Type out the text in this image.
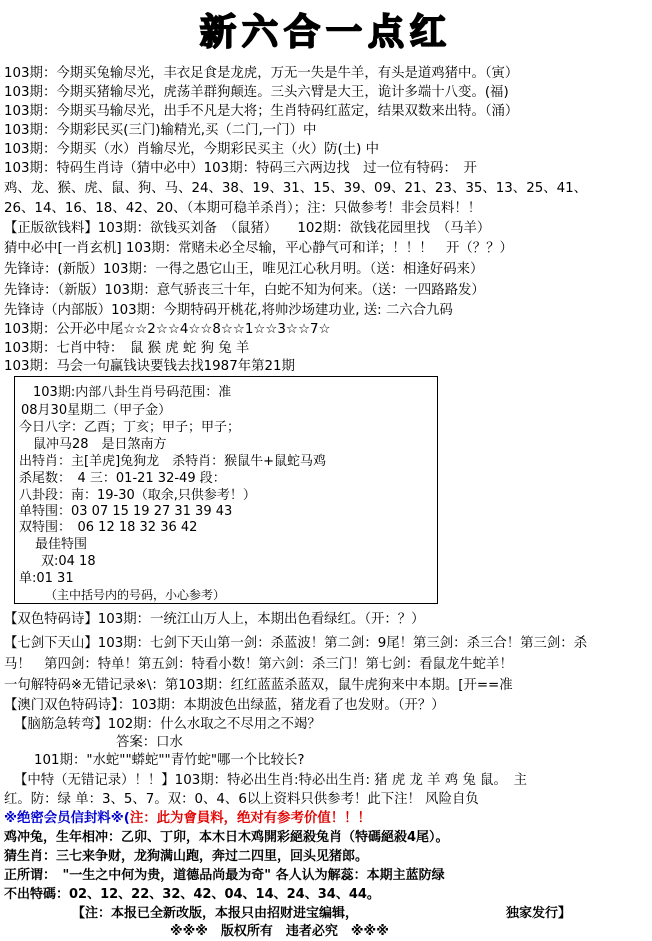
新六合一点红
103期：今期买兔输尽光，丰衣足食是龙虎，万无一失是牛羊，有头是道鸡猪中。（寅）
103期：今期买猪输尽光，虎荡羊群狗颠连。三头六臂是大王，诡计多端十八变。(福)
103期：今期买马输尽光，出手不凡是大将；生肖特码红蓝定，结果双数来出特。（涌）
103期：今期彩民买(三门)输精光,买（二门,一门）中
103期：今期买（水）肖输尽光，今期彩民买主（火）防(土) 中
103期：特码生肖诗（猜中必中）103期：特码三六两边找　过一位有特码：　开
鸡、龙、猴、虎、鼠、狗、马、24、38、19、31、15、39、09、21、23、35、13、25、41、
26、14、16、18、42、20、（本期可稳羊杀肖）；注：只做参考！非会员料！！
【正版欲钱料】103期：欲钱买刘备　（鼠猪）　　102期：欲钱花园里找　（马羊）
猜中必中[一肖玄机] 103期：常赌未必全尽输，平心静气可和详；！！！　开（？？）
先锋诗：(新版）103期：一得之愚它山王，唯见江心秋月明。（送：相逢好码来）
先锋诗：（新版）103期：意气骄丧三十年，白蛇不知为何来。（送：一四路路发）
先锋诗（内部版）103期：今期特码开桃花,将帅沙场建功业, 送: 二六合九码
103期：公开必中尾☆☆2☆☆4☆☆8☆☆1☆☆3☆☆7☆
103期：七肖中特：　鼠 猴 虎 蛇 狗 兔 羊
103期：马会一句赢钱诀要钱去找1987年第21期
103期:内部八卦生肖号码范围：准
08月30星期二（甲子金）
今日八字：乙酉；丁亥；甲子；甲子；
鼠冲马28　是日煞南方
出特肖：主[羊虎]兔狗龙　杀特肖：猴鼠牛+鼠蛇马鸡
杀尾数：　4 三：01-21 32-49 段：
八卦段：南：19-30（取余,只供参考！）
单特围：03 07 15 19 27 31 39 43
双特围：　06 12 18 32 36 42
最佳特围
双:04 18
单:01 31
（主中括号内的号码，小心参考）
【双色特码诗】103期：一统江山万人上，本期出色看绿红。（开：？）
【七剑下天山】103期：七剑下天山第一剑：杀蓝波！第二剑：9尾！第三剑：杀三合！第三剑：杀
马！　第四剑：特单！第五剑：特看小数！第六剑：杀三门！第七剑：看鼠龙牛蛇羊！
一句解特码※无错记录※\：第103期：红红蓝蓝杀蓝双，鼠牛虎狗来中本期。[开==准
【澳门双色特码诗】：103期：本期波色出绿蓝，猪龙看了也发财。（开？）
【脑筋急转弯】102期：什么水取之不尽用之不竭？
答案：口水
101期："水蛇""蟒蛇""青竹蛇"哪一个比较长?
【中特（无错记录）！！】103期：特必出生肖:特必出生肖: 猪 虎 龙 羊 鸡 兔 鼠。　主
红。防：绿 单：3、5、7。双：0、4、6以上资料只供参考！此下注！ 风险自负
※绝密会员信封料※(注：此为會員料，绝对有参考价值！！！
鸡冲兔，生年相冲：乙卯、丁卯，本木日木鸡開彩絕殺兔肖（特碼絕殺4尾）。
猜生肖：三七来争财，龙狗满山跑，奔过二四里，回头见猪郎。
正所谓：　"一生之中何为贵，道德品尚最为奇" 各人认为解蕊：本期主蓝防绿
不出特碼：02、12、22、32、42、04、14、24、34、44。
【注：本报已全新改版，本报只由招财进宝编辑，	独家发行】
※※※　版权所有　违者必究　※※※
